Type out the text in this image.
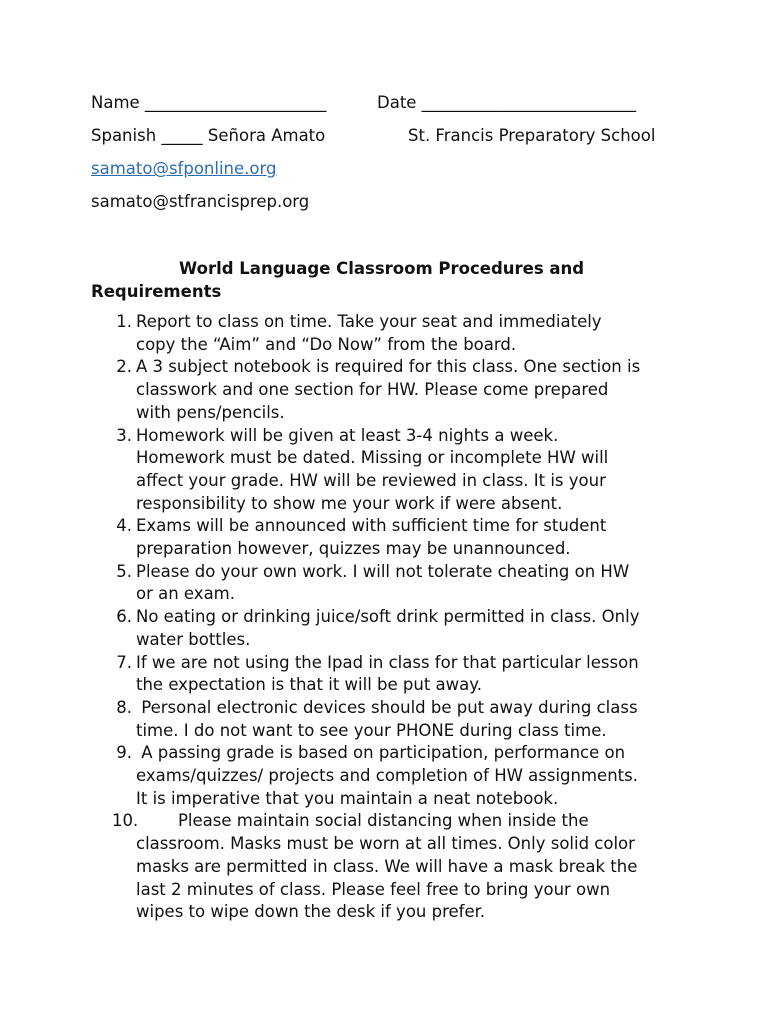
Name ______________________	Date __________________________
Spanish _____ Señora Amato	St. Francis Preparatory School
samato@sfponline.org
samato@stfrancisprep.org
World Language Classroom Procedures and
Requirements
1. Report to class on time. Take your seat and immediately
copy the “Aim” and “Do Now” from the board.
2. A 3 subject notebook is required for this class. One section is
classwork and one section for HW. Please come prepared
with pens/pencils.
3. Homework will be given at least 3-4 nights a week.
Homework must be dated. Missing or incomplete HW will
affect your grade. HW will be reviewed in class. It is your
responsibility to show me your work if were absent.
4. Exams will be announced with sufficient time for student
preparation however, quizzes may be unannounced.
5. Please do your own work. I will not tolerate cheating on HW
or an exam.
6. No eating or drinking juice/soft drink permitted in class. Only
water bottles.
7. If we are not using the Ipad in class for that particular lesson
the expectation is that it will be put away.
8. Personal electronic devices should be put away during class
time. I do not want to see your PHONE during class time.
9. A passing grade is based on participation, performance on
exams/quizzes/ projects and completion of HW assignments.
It is imperative that you maintain a neat notebook.
10. Please maintain social distancing when inside the
classroom. Masks must be worn at all times. Only solid color
masks are permitted in class. We will have a mask break the
last 2 minutes of class. Please feel free to bring your own
wipes to wipe down the desk if you prefer.
